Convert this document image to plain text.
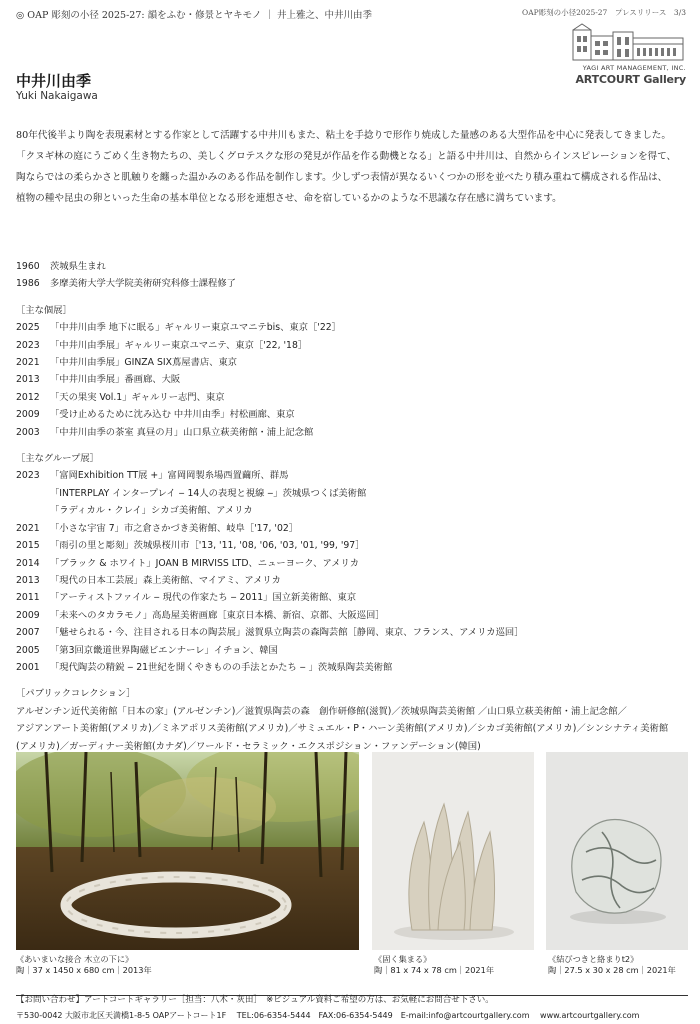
◎ OAP 彫刻の小径 2025-27: 韻をふむ・修景とヤキモノ ｜ 井上雅之、中井川由季	OAP彫刻の小径2025-27　プレスリリース　3/3
YAGI ART MANAGEMENT, INC.
ARTCOURT Gallery
中井川由季
Yuki Nakaigawa
80年代後半より陶を表現素材とする作家として活躍する中井川もまた、粘土を手捻りで形作り焼成した量感のある大型作品を中心に発表してきました。
「クヌギ林の庭にうごめく生き物たちの、美しくグロテスクな形の発見が作品を作る動機となる」と語る中井川は、自然からインスピレーションを得て、
陶ならではの柔らかさと肌触りを纏った温かみのある作品を制作します。少しずつ表情が異なるいくつかの形を並べたり積み重ねて構成される作品は、
植物の種や昆虫の卵といった生命の基本単位となる形を連想させ、命を宿しているかのような不思議な存在感に満ちています。
1960	茨城県生まれ
1986	多摩美術大学大学院美術研究科修士課程修了
［主な個展］
2025	「中井川由季 地下に眠る」ギャルリー東京ユマニテbis、東京［'22］
2023	「中井川由季展」ギャルリー東京ユマニテ、東京［'22, '18］
2021	「中井川由季展」GINZA SIX蔦屋書店、東京
2013	「中井川由季展」番画廊、大阪
2012	「天の果実 Vol.1」ギャルリー志門、東京
2009	「受け止めるために沈み込む 中井川由季」村松画廊、東京
2003	「中井川由季の茶室 真昼の月」山口県立萩美術館・浦上記念館
［主なグループ展］
2023	「富岡Exhibition TT展 +」富岡岡製糸場西置繭所、群馬
「INTERPLAY インタープレイ ‒ 14人の表現と視線 ‒」茨城県つくば美術館
「ラディカル・クレイ」シカゴ美術館、アメリカ
2021	「小さな宇宙 7」市之倉さかづき美術館、岐阜［'17, '02］
2015	「雨引の里と彫刻」茨城県桜川市［'13, '11, '08, '06, '03, '01, '99, '97］
2014	「ブラック & ホワイト」JOAN B MIRVISS LTD、ニューヨーク、アメリカ
2013	「現代の日本工芸展」森上美術館、マイアミ、アメリカ
2011	「アーティストファイル ‒ 現代の作家たち ‒ 2011」国立新美術館、東京
2009	「未来へのタカラモノ」高島屋美術画廊［東京日本橋、新宿、京都、大阪巡回］
2007	「魅せられる・今、注目される日本の陶芸展」滋賀県立陶芸の森陶芸館［静岡、東京、フランス、アメリカ巡回］
2005	「第3回京畿道世界陶磁ビエンナーレ」イチョン、韓国
2001	「現代陶芸の精鋭 ‒ 21世紀を開くやきものの手法とかたち ‒ 」茨城県陶芸美術館
［パブリックコレクション］
アルゼンチン近代美術館「日本の家」(アルゼンチン)／滋賀県陶芸の森　創作研修館(滋賀)／茨城県陶芸美術館 ／山口県立萩美術館・浦上記念館／
アジアンアート美術館(アメリカ)／ミネアポリス美術館(アメリカ)／サミュエル・P・ハーン美術館(アメリカ)／シカゴ美術館(アメリカ)／シンシナティ美術館
(アメリカ)／ガーディナー美術館(カナダ)／ワールド・セラミック・エクスポジション・ファンデーション(韓国)
《あいまいな接合 木立の下に》
陶｜37 x 1450 x 680 cm｜2013年
《固く集まる》
陶｜81 x 74 x 78 cm｜2021年
《結びつきと絡まりt2》
陶｜27.5 x 30 x 28 cm｜2021年
【お問い合わせ】アートコートギャラリー［担当：八木・灰田］　※ビジュアル資料ご希望の方は、お気軽にお問合せ下さい。
〒530-0042 大阪市北区天満橋1-8-5 OAPアートコート1F　 TEL:06-6354-5444　FAX:06-6354-5449　E-mail:info@artcourtgallery.com　 www.artcourtgallery.com
